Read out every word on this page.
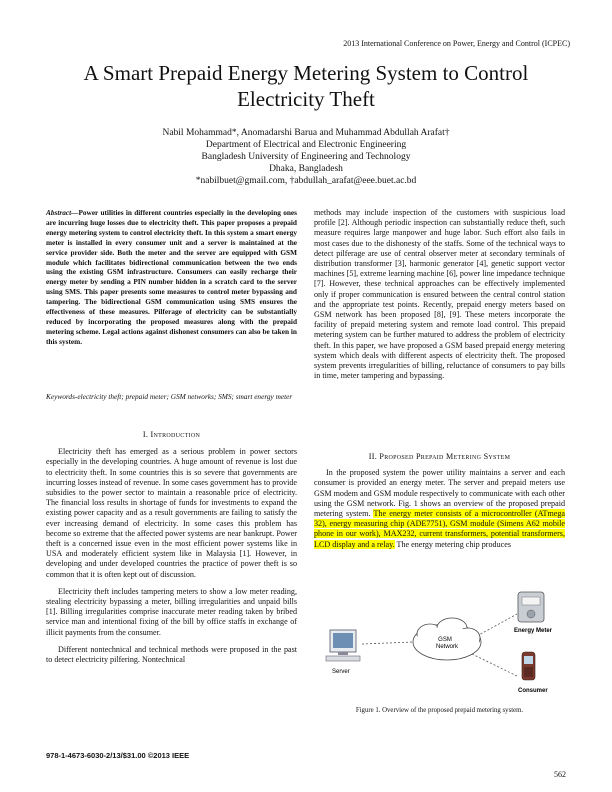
2013 International Conference on Power, Energy and Control (ICPEC)
A Smart Prepaid Energy Metering System to Control Electricity Theft
Nabil Mohammad*, Anomadarshi Barua and Muhammad Abdullah Arafat†
Department of Electrical and Electronic Engineering
Bangladesh University of Engineering and Technology
Dhaka, Bangladesh
*nabilbuet@gmail.com, †abdullah_arafat@eee.buet.ac.bd
Abstract—Power utilities in different countries especially in the developing ones are incurring huge losses due to electricity theft. This paper proposes a prepaid energy metering system to control electricity theft. In this system a smart energy meter is installed in every consumer unit and a server is maintained at the service provider side. Both the meter and the server are equipped with GSM module which facilitates bidirectional communication between the two ends using the existing GSM infrastructure. Consumers can easily recharge their energy meter by sending a PIN number hidden in a scratch card to the server using SMS. This paper presents some measures to control meter bypassing and tampering. The bidirectional GSM communication using SMS ensures the effectiveness of these measures. Pilferage of electricity can be substantially reduced by incorporating the proposed measures along with the prepaid metering scheme. Legal actions against dishonest consumers can also be taken in this system.
Keywords-electricity theft; prepaid meter; GSM networks; SMS; smart energy meter
I. Introduction

Electricity theft has emerged as a serious problem in power sectors especially in the developing countries. A huge amount of revenue is lost due to electricity theft. In some countries this is so severe that governments are incurring losses instead of revenue. In some cases government has to provide subsidies to the power sector to maintain a reasonable price of electricity. The financial loss results in shortage of funds for investments to expand the existing power capacity and as a result governments are failing to satisfy the ever increasing demand of electricity. In some cases this problem has become so extreme that the affected power systems are near bankrupt. Power theft is a concerned issue even in the most efficient power systems like in USA and moderately efficient system like in Malaysia [1]. However, in developing and under developed countries the practice of power theft is so common that it is often kept out of discussion.

Electricity theft includes tampering meters to show a low meter reading, stealing electricity bypassing a meter, billing irregularities and unpaid bills [1]. Billing irregularities comprise inaccurate meter reading taken by bribed service man and intentional fixing of the bill by office staffs in exchange of illicit payments from the consumer.

Different nontechnical and technical methods were proposed in the past to detect electricity pilfering. Nontechnical

methods may include inspection of the customers with suspicious load profile [2]. Although periodic inspection can substantially reduce theft, such measure requires large manpower and huge labor. Such effort also fails in most cases due to the dishonesty of the staffs. Some of the technical ways to detect pilferage are use of central observer meter at secondary terminals of distribution transformer [3], harmonic generator [4], genetic support vector machines [5], extreme learning machine [6], power line impedance technique [7]. However, these technical approaches can be effectively implemented only if proper communication is ensured between the central control station and the appropriate test points. Recently, prepaid energy meters based on GSM network has been proposed [8], [9]. These meters incorporate the facility of prepaid metering system and remote load control. This prepaid metering system can be further matured to address the problem of electricity theft. In this paper, we have proposed a GSM based prepaid energy metering system which deals with different aspects of electricity theft. The proposed system prevents irregularities of billing, reluctance of consumers to pay bills in time, meter tampering and bypassing.

II. Proposed Prepaid Metering System

In the proposed system the power utility maintains a server and each consumer is provided an energy meter. The server and prepaid meters use GSM modem and GSM module respectively to communicate with each other using the GSM network. Fig. 1 shows an overview of the proposed prepaid metering system. The energy meter consists of a microcontroller (ATmega 32), energy measuring chip (ADE7751), GSM module (Simens A62 mobile phone in our work), MAX232, current transformers, potential transformers, LCD display and a relay. The energy metering chip produces

GSM
Network
Server
Energy Meter
Consumer
Figure 1. Overview of the proposed prepaid metering system.
978-1-4673-6030-2/13/$31.00 ©2013 IEEE
562
